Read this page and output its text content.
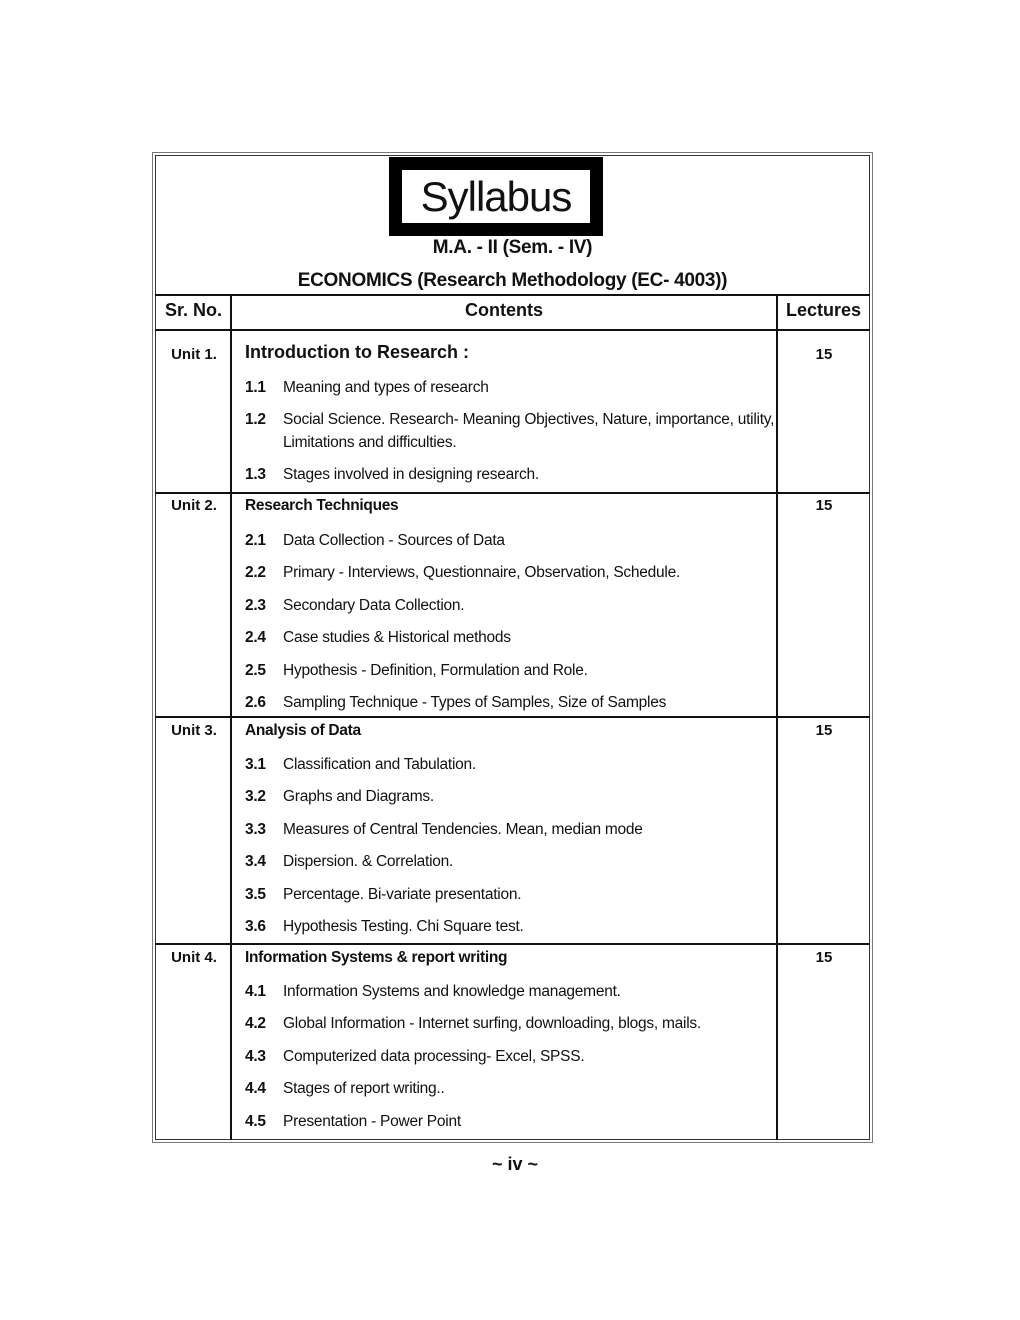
Syllabus
M.A. - II (Sem. - IV)
ECONOMICS (Research Methodology (EC- 4003))
Sr. No.	Contents	Lectures
Unit 1.	Introduction to Research :	15
1.1 Meaning and types of research
1.2 Social Science. Research- Meaning Objectives, Nature, importance, utility, Limitations and difficulties.
1.3 Stages involved in designing research.
Unit 2.	Research Techniques	15
2.1 Data Collection - Sources of Data
2.2 Primary - Interviews, Questionnaire, Observation, Schedule.
2.3 Secondary Data Collection.
2.4 Case studies & Historical methods
2.5 Hypothesis - Definition, Formulation and Role.
2.6 Sampling Technique - Types of Samples, Size of Samples
Unit 3.	Analysis of Data	15
3.1 Classification and Tabulation.
3.2 Graphs and Diagrams.
3.3 Measures of Central Tendencies. Mean, median mode
3.4 Dispersion. & Correlation.
3.5 Percentage. Bi-variate presentation.
3.6 Hypothesis Testing. Chi Square test.
Unit 4.	Information Systems & report writing	15
4.1 Information Systems and knowledge management.
4.2 Global Information - Internet surfing, downloading, blogs, mails.
4.3 Computerized data processing- Excel, SPSS.
4.4 Stages of report writing..
4.5 Presentation - Power Point
~ iv ~
